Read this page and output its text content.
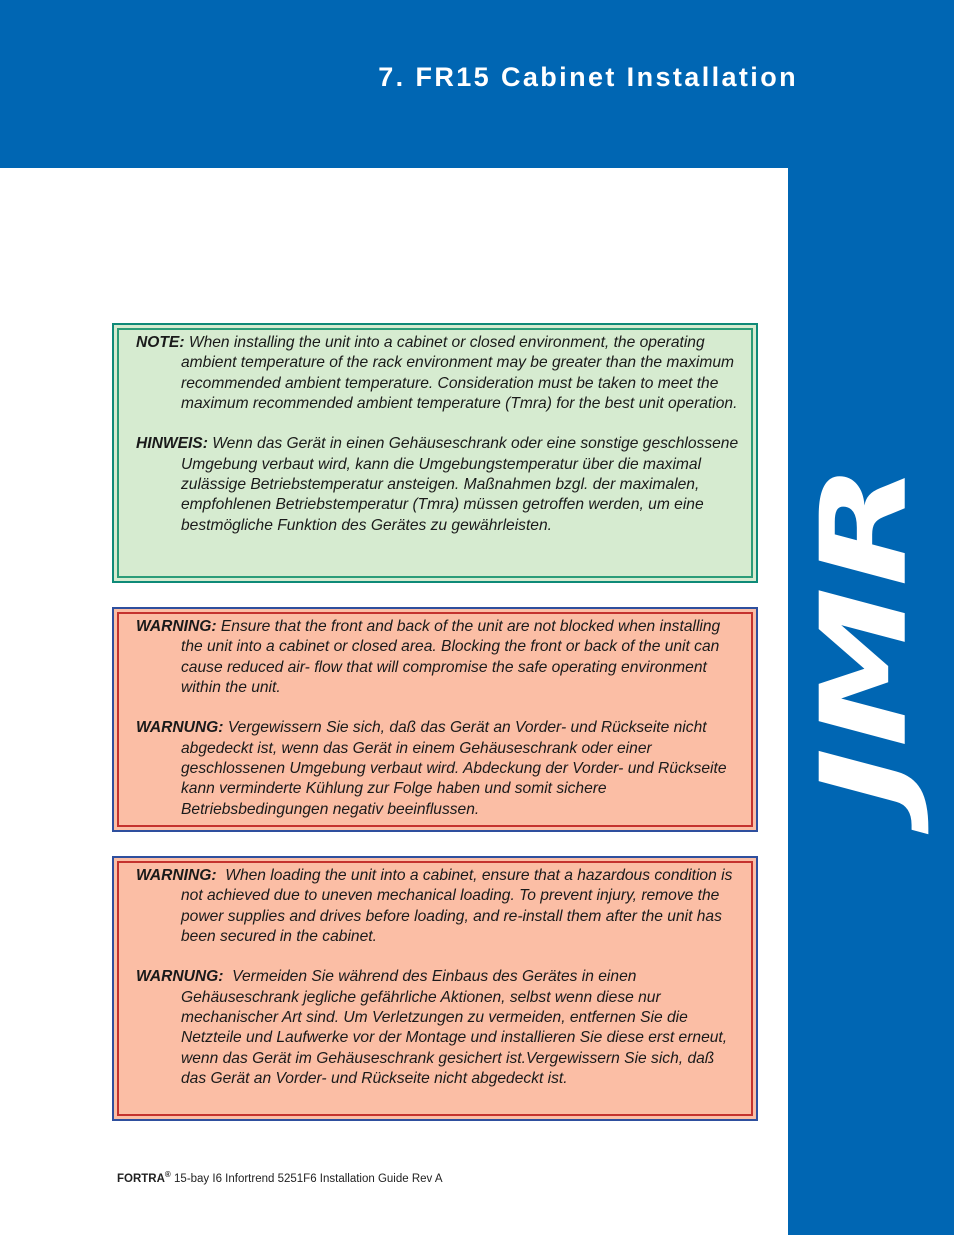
7. FR15 Cabinet Installation
JMR

NOTE: When installing the unit into a cabinet or closed environment, the operating ambient temperature of the rack environment may be greater than the maximum recommended ambient temperature. Consideration must be taken to meet the maximum recommended ambient temperature (Tmra) for the best unit operation.

HINWEIS: Wenn das Gerät in einen Gehäuseschrank oder eine sonstige geschlossene Umgebung verbaut wird, kann die Umgebungstemperatur über die maximal zulässige Betriebstemperatur ansteigen. Maßnahmen bzgl. der maximalen, empfohlenen Betriebstemperatur (Tmra) müssen getroffen werden, um eine bestmögliche Funktion des Gerätes zu gewährleisten.

WARNING: Ensure that the front and back of the unit are not blocked when installing the unit into a cabinet or closed area. Blocking the front or back of the unit can cause reduced air- flow that will compromise the safe operating environment within the unit.

WARNUNG: Vergewissern Sie sich, daß das Gerät an Vorder- und Rückseite nicht abgedeckt ist, wenn das Gerät in einem Gehäuseschrank oder einer geschlossenen Umgebung verbaut wird. Abdeckung der Vorder- und Rückseite kann verminderte Kühlung zur Folge haben und somit sichere Betriebsbedingungen negativ beeinflussen.

WARNING: When loading the unit into a cabinet, ensure that a hazardous condition is not achieved due to uneven mechanical loading. To prevent injury, remove the power supplies and drives before loading, and re-install them after the unit has been secured in the cabinet.

WARNUNG: Vermeiden Sie während des Einbaus des Gerätes in einen Gehäuseschrank jegliche gefährliche Aktionen, selbst wenn diese nur mechanischer Art sind. Um Verletzungen zu vermeiden, entfernen Sie die Netzteile und Laufwerke vor der Montage und installieren Sie diese erst erneut, wenn das Gerät im Gehäuseschrank gesichert ist.Vergewissern Sie sich, daß das Gerät an Vorder- und Rückseite nicht abgedeckt ist.

FORTRA® 15-bay I6 Infortrend 5251F6 Installation Guide Rev A
